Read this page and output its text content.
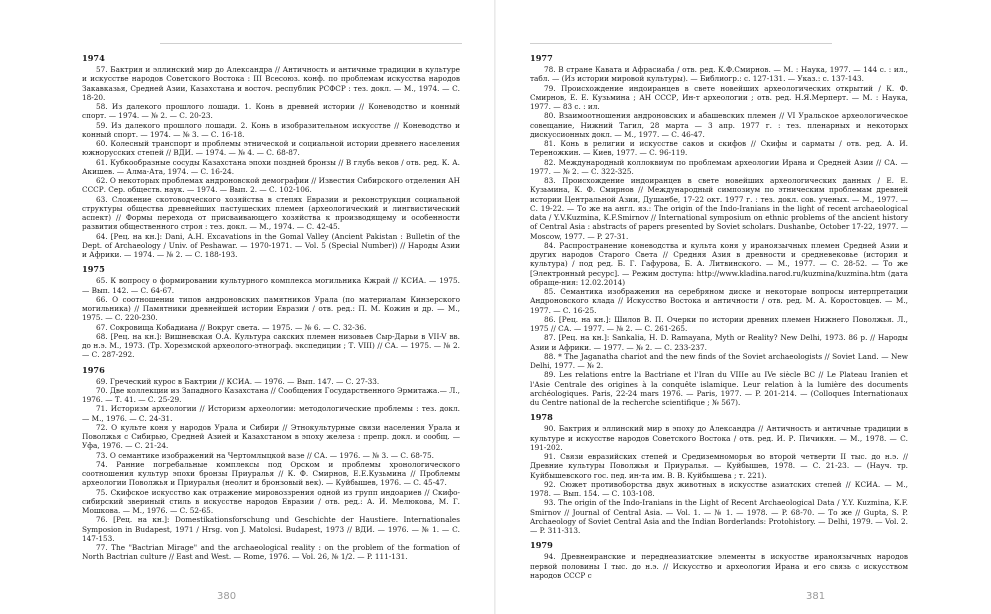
1974

57. Бактрия и эллинский мир до Александра // Античность и античные традиции в культуре и искусстве народов Советского Востока : III Всесоюз. конф. по проблемам искусства народов Закавказья, Средней Азии, Казахстана и восточ. республик РСФСР : тез. докл. — М., 1974. — С. 18-20.

58. Из далекого прошлого лошади. 1. Конь в древней истории // Коневодство и конный спорт. — 1974. — № 2. — С. 20-23.

59. Из далекого прошлого лошади. 2. Конь в изобразительном искусстве // Коневодство и конный спорт. — 1974. — № 3. — С. 16-18.

60. Колесный транспорт и проблемы этнической и социальной истории древнего населения южнорусских степей // ВДИ. — 1974. — № 4. — С. 68-87.

61. Кубкообразные сосуды Казахстана эпохи поздней бронзы // В глубь веков / отв. ред. К. А. Акишев. — Алма-Ата, 1974. — С. 16-24.

62. О некоторых проблемах андроновской демографии // Известия Сибирского отделения АН СССР. Сер. обществ. наук. — 1974. — Вып. 2. — С. 102-106.

63. Сложение скотоводческого хозяйства в степях Евразии и реконструкция социальной структуры общества древнейших пастушеских племен (археологический и лингвистический аспект) // Формы перехода от присваивающего хозяйства к производящему и особенности развития общественного строя : тез. докл. — М., 1974. — С. 42-45.

64. [Рец. на кн.]: Dani, A.H. Excavations in the Gomal Valley (Ancient Pakistan : Bulletin of the Dept. of Archaeology / Univ. of Peshawar. — 1970-1971. — Vol. 5 (Special Number)) // Народы Азии и Африки. — 1974. — № 2. — С. 188-193.

1975

65. К вопросу о формировании культурного комплекса могильника Кжрай // КСИА. — 1975. — Вып. 142. — С. 64-67.

66. О соотношении типов андроновских памятников Урала (по материалам Кинзерского могильника) // Памятники древнейшей истории Евразии / отв. ред.: П. М. Кожин и др. — М., 1975. — С. 220-230.

67. Сокровища Кобадиана // Вокруг света. — 1975. — № 6. — С. 32-36.

68. [Рец. на кн.]: Вишневская О.А. Культура сакских племен низовьев Сыр-Дарьи в VII-V вв. до н.э. М., 1973. (Тр. Хорезмской археолого-этнограф. экспедиции ; Т. VIII) // СА. — 1975. — № 2. — С. 287-292.

1976

69. Греческий курос в Бактрии // КСИА. — 1976. — Вып. 147. — С. 27-33.

70. Две коллекции из Западного Казахстана // Сообщения Государственного Эрмитажа.— Л., 1976. — Т. 41. — С. 25-29.

71. Историзм археологии // Историзм археологии: методологические проблемы : тез. докл. — М., 1976. — С. 24-31.

72. О культе коня у народов Урала и Сибири // Этнокультурные связи населения Урала и Поволжья с Сибирью, Средней Азией и Казахстаном в эпоху железа : препр. докл. и сообщ. — Уфа, 1976. — С. 21-24.

73. О семантике изображений на Чертомлыцкой вазе // СА. — 1976. — № 3. — С. 68-75.

74. Ранние погребальные комплексы под Орском и проблемы хронологического соотношения культур эпохи бронзы Приуралья // К. Ф. Смирнов, Е.Е.Кузьмина // Проблемы археологии Поволжья и Приуралья (неолит и бронзовый век). — Куйбышев, 1976. — С. 45-47.

75. Скифское искусство как отражение мировоззрения одной из групп индоариев // Скифо-сибирский звериный стиль в искусстве народов Евразии / отв. ред.: А. И. Мелюкова, М. Г. Мошкова. — М., 1976. — С. 52-65.

76. [Рец. на кн.]: Domestikationsforschung und Geschichte der Haustiere. Internationales Symposion in Budapest, 1971 / Hrsg. von J. Matolcsi. Budapest, 1973 // ВДИ. — 1976. — № 1. — С. 147-153.

77. The "Bactrian Mirage" and the archaeological reality : on the problem of the formation of North Bactrian culture // East and West. — Rome, 1976. — Vol. 26, № 1/2. — P. 111-131.

380
1977

78. В стране Кавата и Афрасиаба / отв. ред. К.Ф.Смирнов. — М. : Наука, 1977. — 144 с. : ил., табл. — (Из истории мировой культуры). — Библиогр.: с. 127-131. — Указ.: с. 137-143.

79. Происхождение индоиранцев в свете новейших археологических открытий / К. Ф. Смирнов, Е. Е. Кузьмина ; АН СССР, Ин-т археологии ; отв. ред. Н.Я.Мерперт. — М. : Наука, 1977. — 83 с. : ил.

80. Взаимоотношения андроновских и абашевских племен // VI Уральское археологическое совещание, Нижний Тагил, 28 марта — 3 апр. 1977 г. : тез. пленарных и некоторых дискуссионных докл. — М., 1977. — С. 46-47.

81. Конь в религии и искусстве саков и скифов // Скифы и сарматы / отв. ред. А. И. Тереножкин. — Киев, 1977. — С. 96-119.

82. Международный коллоквиум по проблемам археологии Ирана и Средней Азии // СА. — 1977. — № 2. — С. 322-325.

83. Происхождение индоиранцев в свете новейших археологических данных / Е. Е. Кузьмина, К. Ф. Смирнов // Международный симпозиум по этническим проблемам древней истории Центральной Азии, Душанбе, 17-22 окт. 1977 г. : тез. докл. сов. ученых. — М., 1977. — С. 19-22. — То же на англ. яз.: The origin of the Indo-Iranians in the light of recent archaeological data / Y.V.Kuzmina, K.F.Smirnov // International symposium on ethnic problems of the ancient history of Central Asia : abstracts of papers presented by Soviet scholars. Dushanbe, October 17-22, 1977. — Moscow, 1977. — P. 27-31.

84. Распространение коневодства и культа коня у ираноязычных племен Средней Азии и других народов Старого Света // Средняя Азия в древности и средневековье (история и культура) / под ред. Б. Г. Гафурова, Б. А. Литвинского. — М., 1977. — С. 28-52. — То же [Электронный ресурс]. — Режим доступа: http://www.kladina.narod.ru/kuzmina/kuzmina.htm (дата обраще-ния: 12.02.2014)

85. Семантика изображения на серебряном диске и некоторые вопросы интерпретации Андроновского клада // Искусство Востока и античности / отв. ред. М. А. Коростовцев. — М., 1977. — С. 16-25.

86. [Рец. на кн.]: Шилов В. П. Очерки по истории древних племен Нижнего Поволжья. Л., 1975 // СА. — 1977. — № 2. — С. 261-265.

87. [Рец. на кн.]: Sankalia, H. D. Ramayana, Myth or Reality? New Delhi, 1973. 86 p. // Народы Азии и Африки. — 1977. — № 2. — С. 233-237.

88. * The Jaganatha chariot and the new finds of the Soviet archaeologists // Soviet Land. — New Delhi, 1977. — № 2.

89. Les relations entre la Bactriane et l'Iran du VIIIe au IVe siècle BC // Le Plateau Iranien et l'Asie Centrale des origines à la conquête islamique. Leur relation à la lumière des documents archéologiques. Paris, 22-24 mars 1976. — Paris, 1977. — P. 201-214. — (Colloques Internationaux du Centre national de la recherche scientifique ; № 567).

1978

90. Бактрия и эллинский мир в эпоху до Александра // Античность и античные традиции в культуре и искусстве народов Советского Востока / отв. ред. И. Р. Пичикян. — М., 1978. — С. 191-202.

91. Связи евразийских степей и Средиземноморья во второй четверти II тыс. до н.э. // Древние культуры Поволжья и Приуралья. — Куйбышев, 1978. — С. 21-23. — (Науч. тр. Куйбышевского гос. пед. ин-та им. В. В. Куйбышева ; т. 221).

92. Сюжет противоборства двух животных в искусстве азиатских степей // КСИА. — М., 1978. — Вып. 154. — С. 103-108.

93. The origin of the Indo-Iranians in the Light of Recent Archaeological Data / Y.Y. Kuzmina, K.F. Smirnov // Journal of Central Asia. — Vol. 1. — № 1. — 1978. — P. 68-70. — То же // Gupta, S. P. Archaeology of Soviet Central Asia and the Indian Borderlands: Protohistory. — Delhi, 1979. — Vol. 2. — P. 311-313.

1979

94. Древнеиранские и переднеазиатские элементы в искусстве ираноязычных народов первой половины I тыс. до н.э. // Искусство и археология Ирана и его связь с искусством народов СССР с

381
